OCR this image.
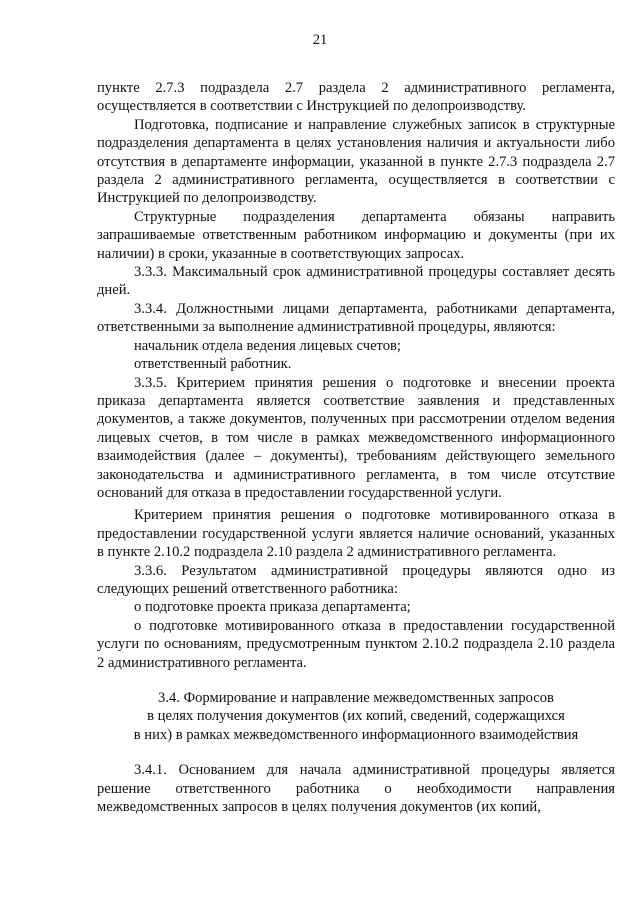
21

пункте 2.7.3 подраздела 2.7 раздела 2 административного регламента, осуществляется в соответствии с Инструкцией по делопроизводству.

Подготовка, подписание и направление служебных записок в структурные подразделения департамента в целях установления наличия и актуальности либо отсутствия в департаменте информации, указанной в пункте 2.7.3 подраздела 2.7 раздела 2 административного регламента, осуществляется в соответствии с Инструкцией по делопроизводству.

Структурные подразделения департамента обязаны направить запрашиваемые ответственным работником информацию и документы (при их наличии) в сроки, указанные в соответствующих запросах.

3.3.3. Максимальный срок административной процедуры составляет десять дней.

3.3.4. Должностными лицами департамента, работниками департамента, ответственными за выполнение административной процедуры, являются:

начальник отдела ведения лицевых счетов;

ответственный работник.

3.3.5. Критерием принятия решения о подготовке и внесении проекта приказа департамента является соответствие заявления и представленных документов, а также документов, полученных при рассмотрении отделом ведения лицевых счетов, в том числе в рамках межведомственного информационного взаимодействия (далее – документы), требованиям действующего земельного законодательства и административного регламента, в том числе отсутствие оснований для отказа в предоставлении государственной услуги.

Критерием принятия решения о подготовке мотивированного отказа в предоставлении государственной услуги является наличие оснований, указанных в пункте 2.10.2 подраздела 2.10 раздела 2 административного регламента.

3.3.6. Результатом административной процедуры являются одно из следующих решений ответственного работника:

о подготовке проекта приказа департамента;

о подготовке мотивированного отказа в предоставлении государственной услуги по основаниям, предусмотренным пунктом 2.10.2 подраздела 2.10 раздела 2 административного регламента.

3.4. Формирование и направление межведомственных запросов

в целях получения документов (их копий, сведений, содержащихся

в них) в рамках межведомственного информационного взаимодействия

3.4.1. Основанием для начала административной процедуры является решение ответственного работника о необходимости направления межведомственных запросов в целях получения документов (их копий,
